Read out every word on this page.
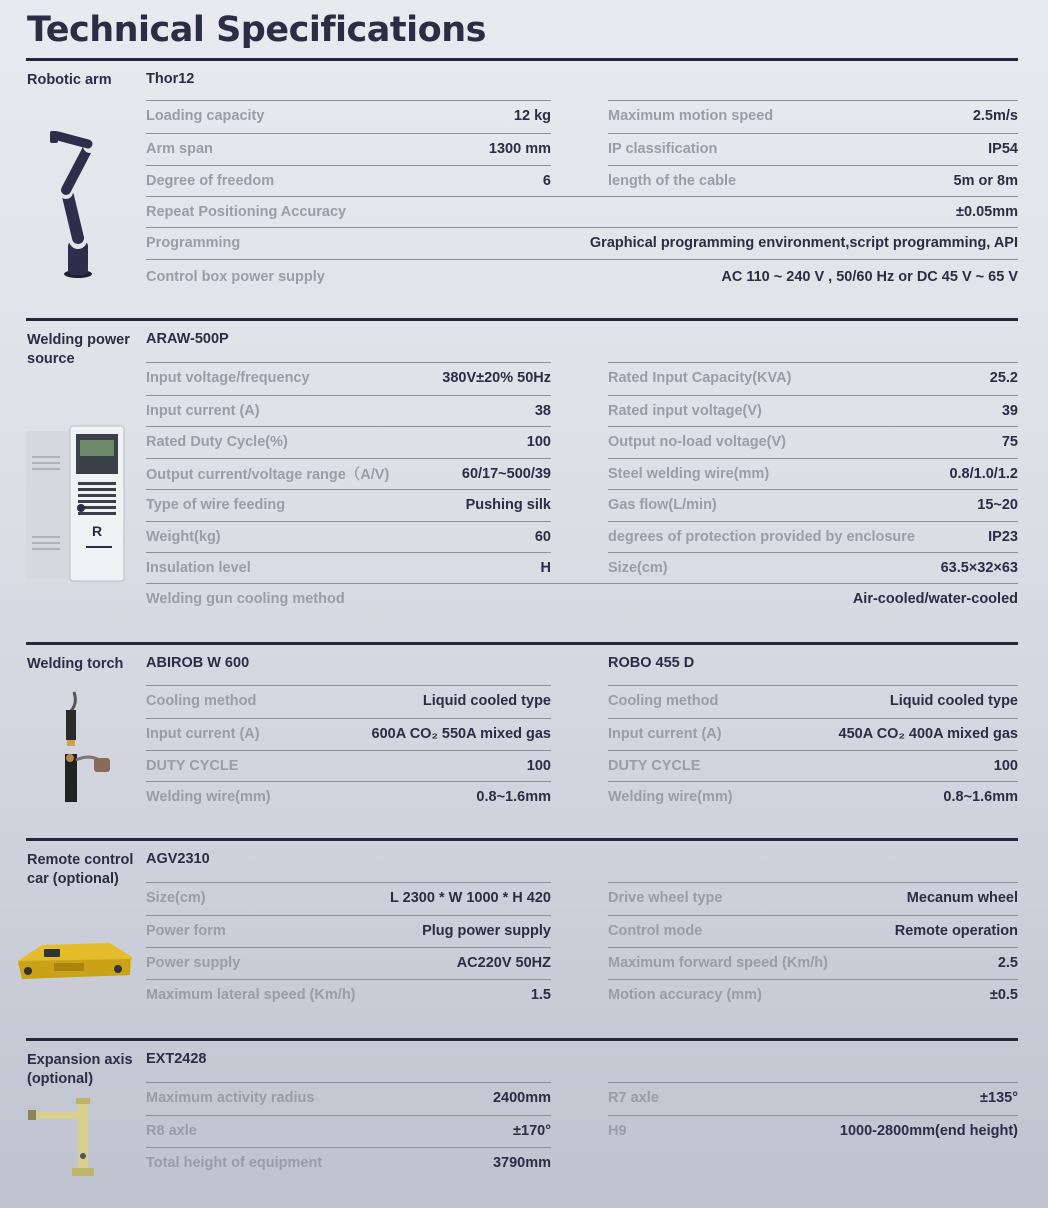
Technical Specifications
Robotic arm	Thor12
Loading capacity	12 kg	Maximum motion speed	2.5m/s
Arm span	1300 mm	IP classification	IP54
Degree of freedom	6	length of the cable	5m or 8m
Repeat Positioning Accuracy	±0.05mm
Programming	Graphical programming environment,script programming, API
Control box power supply	AC 110 ~ 240 V , 50/60 Hz or DC 45 V ~ 65 V
Welding power source
ARAW-500P
R
Input voltage/frequency	380V±20% 50Hz	Rated Input Capacity(KVA)	25.2
Input current (A)	38	Rated input voltage(V)	39
Rated Duty Cycle(%)	100	Output no-load voltage(V)	75
Output current/voltage range（A/V)	60/17~500/39	Steel welding wire(mm)	0.8/1.0/1.2
Type of wire feeding	Pushing silk	Gas flow(L/min)	15~20
Weight(kg)	60	degrees of protection provided by enclosure	IP23
Insulation level	H	Size(cm)	63.5×32×63
Welding gun cooling method	Air-cooled/water-cooled
Welding torch	ABIROB W 600	ROBO 455 D
Cooling method	Liquid cooled type	Cooling method	Liquid cooled type
Input current (A)	600A CO₂ 550A mixed gas	Input current (A)	450A CO₂ 400A mixed gas
DUTY CYCLE	100	DUTY CYCLE	100
Welding wire(mm)	0.8~1.6mm	Welding wire(mm)	0.8~1.6mm
Remote control car (optional)
AGV2310
Size(cm)	L 2300 * W 1000 * H 420	Drive wheel type	Mecanum wheel
Power form	Plug power supply	Control mode	Remote operation
Power supply	AC220V 50HZ	Maximum forward speed (Km/h)	2.5
Maximum lateral speed (Km/h)	1.5	Motion accuracy (mm)	±0.5
Expansion axis (optional)
EXT2428
Maximum activity radius	2400mm	R7 axle	±135°
R8 axle	±170°	H9	1000-2800mm(end height)
Total height of equipment	3790mm
